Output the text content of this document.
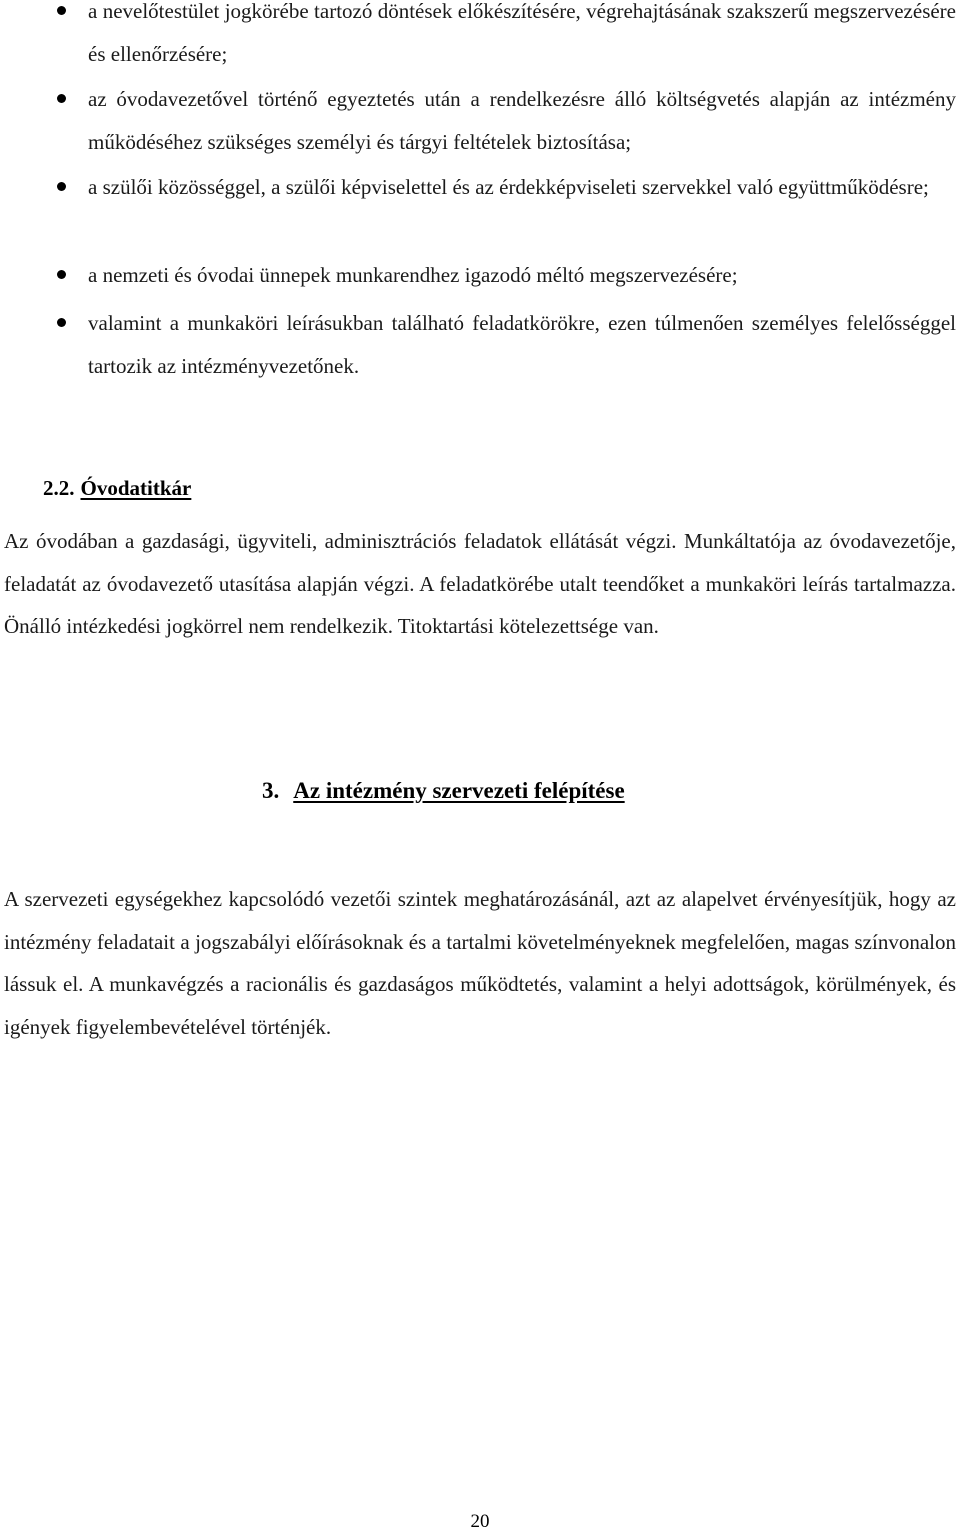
a nevelőtestület jogkörébe tartozó döntések előkészítésére, végrehajtásának szakszerű megszervezésére és ellenőrzésére;
az óvodavezetővel történő egyeztetés után a rendelkezésre álló költségvetés alapján az intézmény működéséhez szükséges személyi és tárgyi feltételek biztosítása;
a szülői közösséggel, a szülői képviselettel és az érdekképviseleti szervekkel való együttműködésre;
a nemzeti és óvodai ünnepek munkarendhez igazodó méltó megszervezésére;
valamint a munkaköri leírásukban található feladatkörökre, ezen túlmenően személyes felelősséggel tartozik az intézményvezetőnek.
2.2. Óvodatitkár

Az óvodában a gazdasági, ügyviteli, adminisztrációs feladatok ellátását végzi. Munkáltatója az óvodavezetője, feladatát az óvodavezető utasítása alapján végzi. A feladatkörébe utalt teendőket a munkaköri leírás tartalmazza. Önálló intézkedési jogkörrel nem rendelkezik. Titoktartási kötelezettsége van.

3. Az intézmény szervezeti felépítése

A szervezeti egységekhez kapcsolódó vezetői szintek meghatározásánál, azt az alapelvet érvényesítjük, hogy az intézmény feladatait a jogszabályi előírásoknak és a tartalmi követelményeknek megfelelően, magas színvonalon lássuk el. A munkavégzés a racionális és gazdaságos működtetés, valamint a helyi adottságok, körülmények, és igények figyelembevételével történjék.

20
